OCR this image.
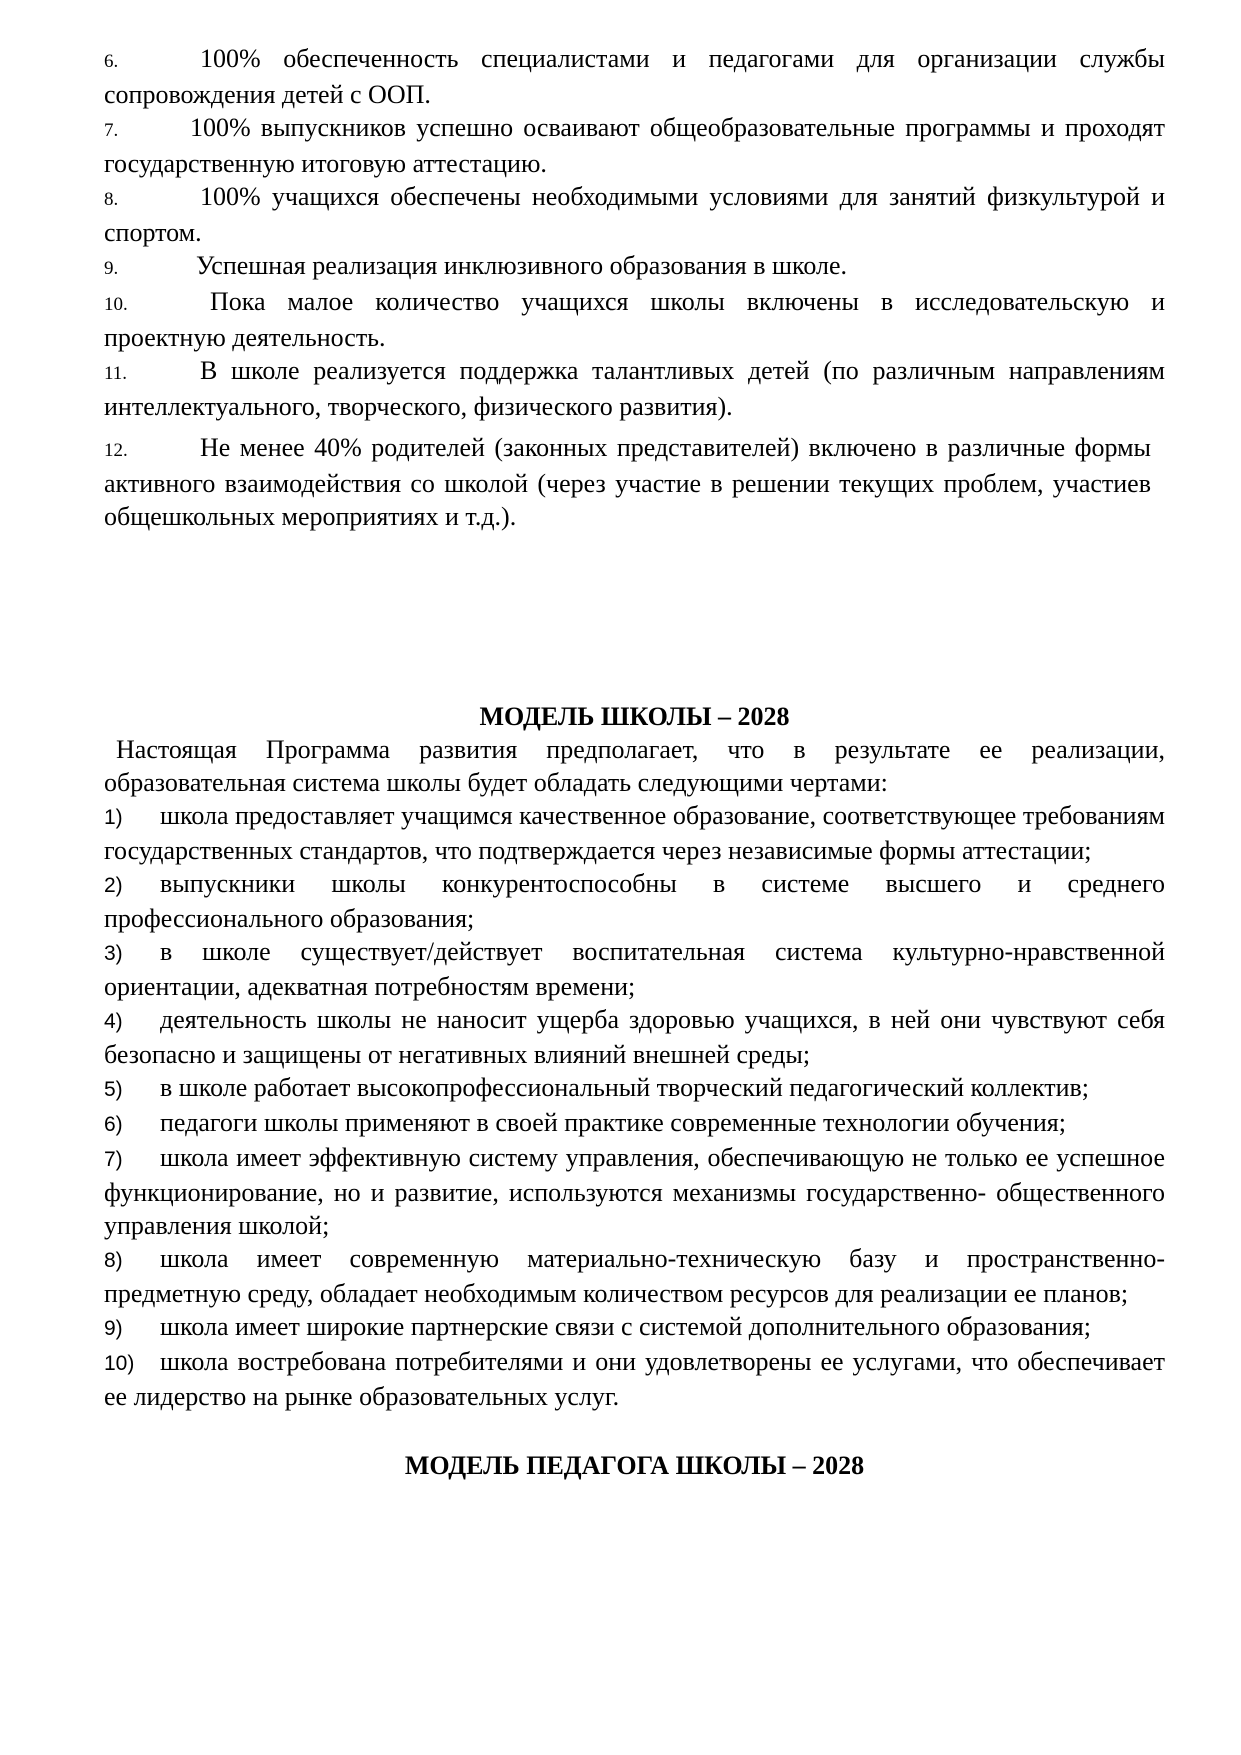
6.	100% обеспеченность специалистами и педагогами для организации службы сопровождения детей с ООП.

7.	100% выпускников успешно осваивают общеобразовательные программы и проходят государственную итоговую аттестацию.

8.	100% учащихся обеспечены необходимыми условиями для занятий физкультурой и спортом.

9.	Успешная реализация инклюзивного образования в школе.

10.	Пока малое количество учащихся школы включены в исследовательскую и проектную деятельность.

11.	В школе реализуется поддержка талантливых детей (по различным направлениям интеллектуального, творческого, физического развития).

12.	Не менее 40% родителей (законных представителей) включено в различные формы активного взаимодействия со школой (через участие в решении текущих проблем, участиев общешкольных мероприятиях и т.д.).

МОДЕЛЬ ШКОЛЫ – 2028

Настоящая Программа развития предполагает, что в результате ее реализации, образовательная система школы будет обладать следующими чертами:

1) школа предоставляет учащимся качественное образование, соответствующее требованиям государственных стандартов, что подтверждается через независимые формы аттестации;

2) выпускники школы конкурентоспособны в системе высшего и среднего профессионального образования;

3) в школе существует/действует воспитательная система культурно-нравственной ориентации, адекватная потребностям времени;

4) деятельность школы не наносит ущерба здоровью учащихся, в ней они чувствуют себя безопасно и защищены от негативных влияний внешней среды;

5) в школе работает высокопрофессиональный творческий педагогический коллектив;

6) педагоги школы применяют в своей практике современные технологии обучения;

7) школа имеет эффективную систему управления, обеспечивающую не только ее успешное функционирование, но и развитие, используются механизмы государственно- общественного управления школой;

8) школа имеет современную материально-техническую базу и пространственно-предметную среду, обладает необходимым количеством ресурсов для реализации ее планов;

9) школа имеет широкие партнерские связи с системой дополнительного образования;

10) школа востребована потребителями и они удовлетворены ее услугами, что обеспечивает ее лидерство на рынке образовательных услуг.

МОДЕЛЬ ПЕДАГОГА ШКОЛЫ – 2028
